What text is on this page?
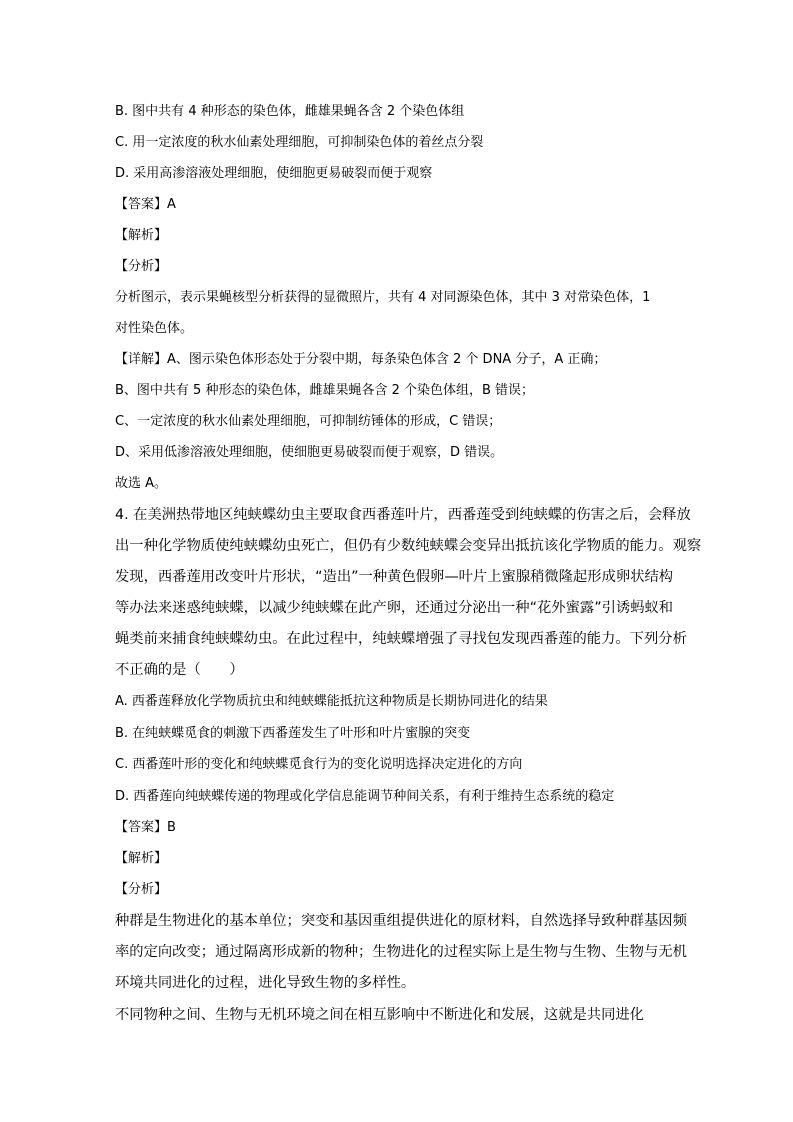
B. 图中共有 4 种形态的染色体，雌雄果蝇各含 2 个染色体组
C. 用一定浓度的秋水仙素处理细胞，可抑制染色体的着丝点分裂
D. 采用高渗溶液处理细胞，使细胞更易破裂而便于观察
【答案】A
【解析】
【分析】
分析图示，表示果蝇核型分析获得的显微照片，共有 4 对同源染色体，其中 3 对常染色体，1
对性染色体。
【详解】A、图示染色体形态处于分裂中期，每条染色体含 2 个 DNA 分子，A 正确；
B、图中共有 5 种形态的染色体，雌雄果蝇各含 2 个染色体组，B 错误；
C、一定浓度的秋水仙素处理细胞，可抑制纺锤体的形成，C 错误；
D、采用低渗溶液处理细胞，使细胞更易破裂而便于观察，D 错误。
故选 A。
4. 在美洲热带地区纯蛱蝶幼虫主要取食西番莲叶片，西番莲受到纯蛱蝶的伤害之后，会释放
出一种化学物质使纯蛱蝶幼虫死亡，但仍有少数纯蛱蝶会变异出抵抗该化学物质的能力。观察
发现，西番莲用改变叶片形状，“造出”一种黄色假卵—叶片上蜜腺稍微隆起形成卵状结构
等办法来迷惑纯蛱蝶，以减少纯蛱蝶在此产卵，还通过分泌出一种“花外蜜露”引诱蚂蚁和
蝇类前来捕食纯蛱蝶幼虫。在此过程中，纯蛱蝶增强了寻找包发现西番莲的能力。下列分析
不正确的是（　　）
A. 西番莲释放化学物质抗虫和纯蛱蝶能抵抗这种物质是长期协同进化的结果
B. 在纯蛱蝶觅食的刺激下西番莲发生了叶形和叶片蜜腺的突变
C. 西番莲叶形的变化和纯蛱蝶觅食行为的变化说明选择决定进化的方向
D. 西番莲向纯蛱蝶传递的物理或化学信息能调节种间关系，有利于维持生态系统的稳定
【答案】B
【解析】
【分析】
种群是生物进化的基本单位；突变和基因重组提供进化的原材料，自然选择导致种群基因频
率的定向改变；通过隔离形成新的物种；生物进化的过程实际上是生物与生物、生物与无机
环境共同进化的过程，进化导致生物的多样性。
不同物种之间、生物与无机环境之间在相互影响中不断进化和发展，这就是共同进化
